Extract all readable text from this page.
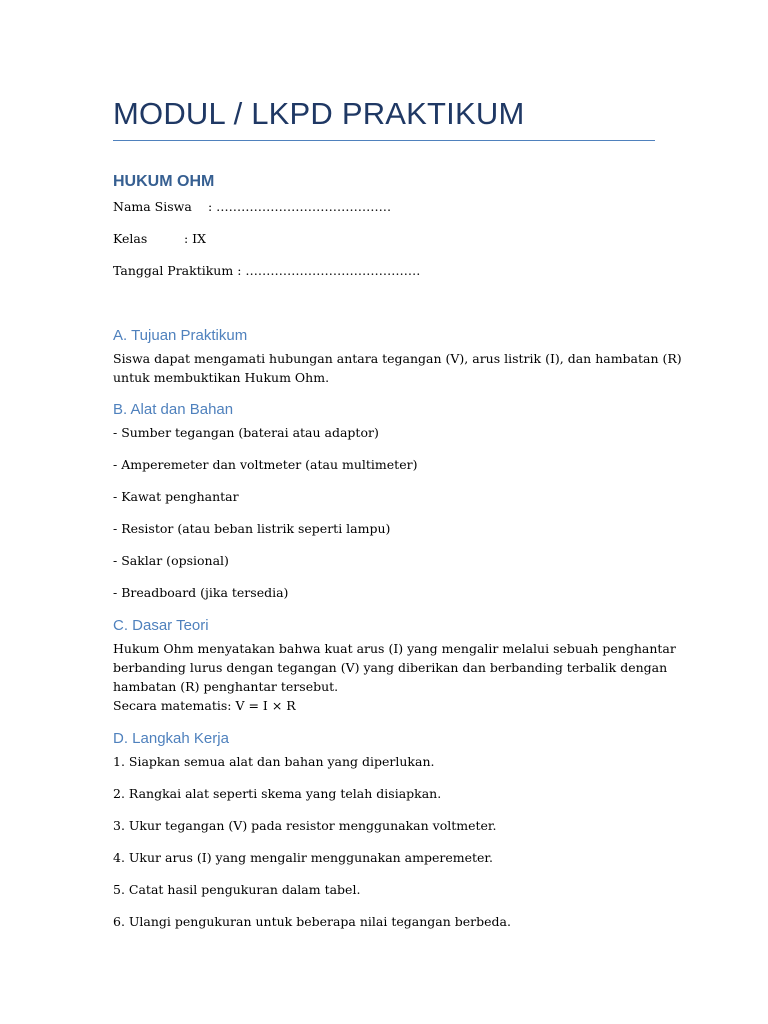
MODUL / LKPD PRAKTIKUM
HUKUM OHM
Nama Siswa : ……………………………………
Kelas	: IX
Tanggal Praktikum : ……………………………………
A. Tujuan Praktikum
Siswa dapat mengamati hubungan antara tegangan (V), arus listrik (I), dan hambatan (R)
untuk membuktikan Hukum Ohm.
B. Alat dan Bahan
- Sumber tegangan (baterai atau adaptor)
- Amperemeter dan voltmeter (atau multimeter)
- Kawat penghantar
- Resistor (atau beban listrik seperti lampu)
- Saklar (opsional)
- Breadboard (jika tersedia)
C. Dasar Teori
Hukum Ohm menyatakan bahwa kuat arus (I) yang mengalir melalui sebuah penghantar
berbanding lurus dengan tegangan (V) yang diberikan dan berbanding terbalik dengan
hambatan (R) penghantar tersebut.
Secara matematis: V = I × R
D. Langkah Kerja
1. Siapkan semua alat dan bahan yang diperlukan.
2. Rangkai alat seperti skema yang telah disiapkan.
3. Ukur tegangan (V) pada resistor menggunakan voltmeter.
4. Ukur arus (I) yang mengalir menggunakan amperemeter.
5. Catat hasil pengukuran dalam tabel.
6. Ulangi pengukuran untuk beberapa nilai tegangan berbeda.
